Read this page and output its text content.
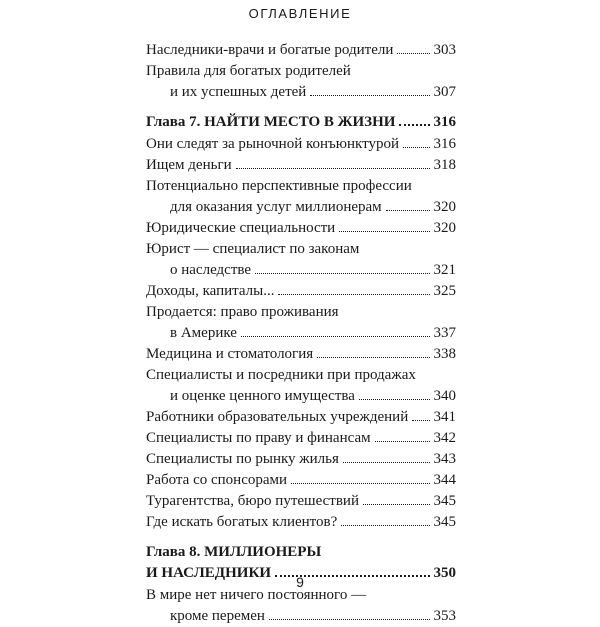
ОГЛАВЛЕНИЕ
Наследники-врачи и богатые родители	303
Правила для богатых родителей
и их успешных детей	307
Глава 7. НАЙТИ МЕСТО В ЖИЗНИ	316
Они следят за рыночной конъюнктурой 316
Ищем деньги	318
Потенциально перспективные профессии
для оказания услуг миллионерам	320
Юридические специальности	320
Юрист — специалист по законам
о наследстве	321
Доходы, капиталы...	325
Продается: право проживания
в Америке	337
Медицина и стоматология	338
Специалисты и посредники при продажах
и оценке ценного имущества	340
Работники образовательных учреждений 341
Специалисты по праву и финансам	342
Специалисты по рынку жилья	343
Работа со спонсорами	344
Турагентства, бюро путешествий	345
Где искать богатых клиентов?	345
Глава 8. МИЛЛИОНЕРЫ
И НАСЛЕДНИКИ	350
В мире нет ничего постоянного —
кроме перемен	353
9
